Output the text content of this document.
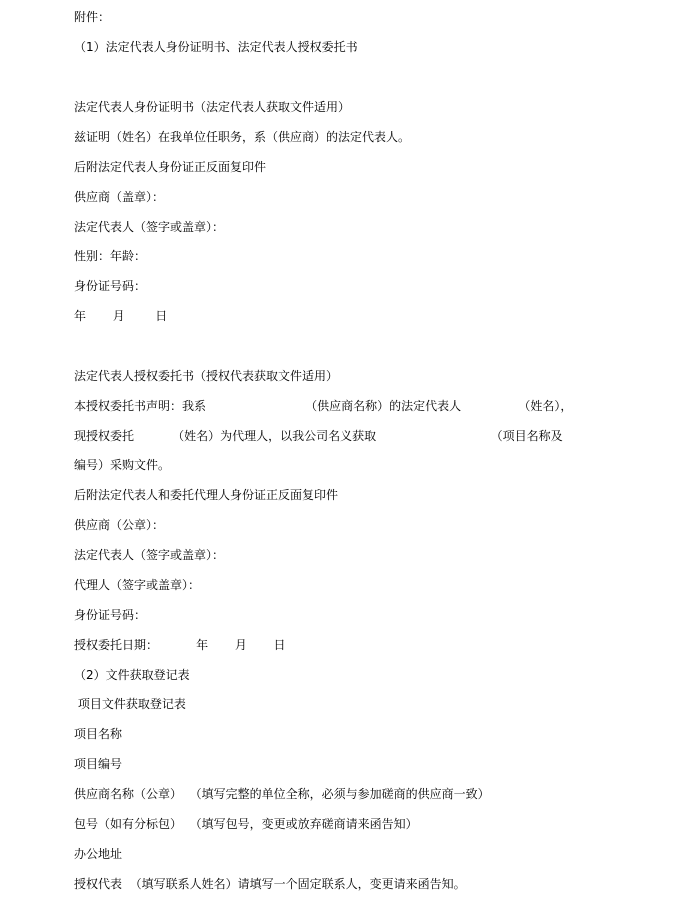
附件：
（1）法定代表人身份证明书、法定代表人授权委托书
法定代表人身份证明书（法定代表人获取文件适用）
兹证明（姓名）在我单位任职务，系（供应商）的法定代表人。
后附法定代表人身份证正反面复印件
供应商（盖章）：
法定代表人（签字或盖章）：
性别：年龄：
身份证号码：
年       月        日
法定代表人授权委托书（授权代表获取文件适用）
本授权委托书声明：我系                          （供应商名称）的法定代表人               （姓名），
现授权委托          （姓名）为代理人，以我公司名义获取                              （项目名称及
编号）采购文件。
后附法定代表人和委托代理人身份证正反面复印件
供应商（公章）：
法定代表人（签字或盖章）：
代理人（签字或盖章）：
身份证号码：
授权委托日期：          年       月       日
（2）文件获取登记表
项目文件获取登记表
项目名称
项目编号
供应商名称（公章）  （填写完整的单位全称，必须与参加磋商的供应商一致）
包号（如有分标包）  （填写包号，变更或放弃磋商请来函告知）
办公地址
授权代表  （填写联系人姓名）请填写一个固定联系人，变更请来函告知。
